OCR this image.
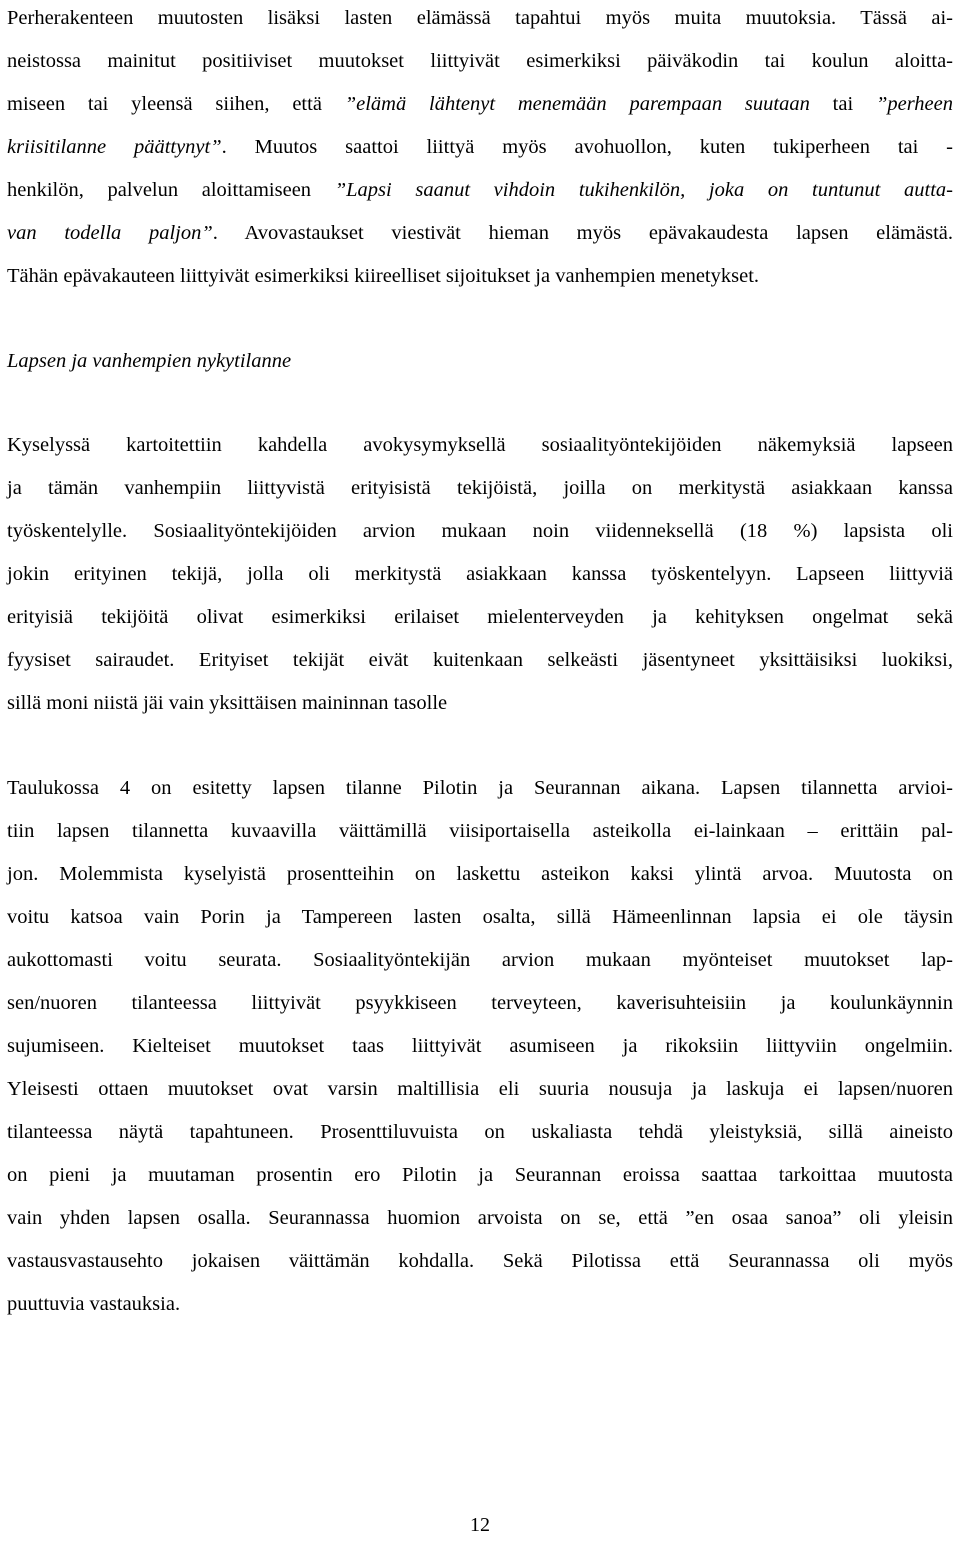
Perherakenteen muutosten lisäksi lasten elämässä tapahtui myös muita muutoksia. Tässä ai-
neistossa mainitut positiiviset muutokset liittyivät esimerkiksi päiväkodin tai koulun aloitta-
miseen tai yleensä siihen, että ”elämä lähtenyt menemään parempaan suutaan tai ”perheen
kriisitilanne päättynyt”. Muutos saattoi liittyä myös avohuollon, kuten tukiperheen tai -
henkilön, palvelun aloittamiseen ”Lapsi saanut vihdoin tukihenkilön, joka on tuntunut autta-
van todella paljon”. Avovastaukset viestivät hieman myös epävakaudesta lapsen elämästä.
Tähän epävakauteen liittyivät esimerkiksi kiireelliset sijoitukset ja vanhempien menetykset.

Lapsen ja vanhempien nykytilanne

Kyselyssä kartoitettiin kahdella avokysymyksellä sosiaalityöntekijöiden näkemyksiä lapseen
ja tämän vanhempiin liittyvistä erityisistä tekijöistä, joilla on merkitystä asiakkaan kanssa
työskentelylle. Sosiaalityöntekijöiden arvion mukaan noin viidenneksellä (18 %) lapsista oli
jokin erityinen tekijä, jolla oli merkitystä asiakkaan kanssa työskentelyyn. Lapseen liittyviä
erityisiä tekijöitä olivat esimerkiksi erilaiset mielenterveyden ja kehityksen ongelmat sekä
fyysiset sairaudet. Erityiset tekijät eivät kuitenkaan selkeästi jäsentyneet yksittäisiksi luokiksi,
sillä moni niistä jäi vain yksittäisen maininnan tasolle
Taulukossa 4 on esitetty lapsen tilanne Pilotin ja Seurannan aikana. Lapsen tilannetta arvioi-
tiin lapsen tilannetta kuvaavilla väittämillä viisiportaisella asteikolla ei-lainkaan – erittäin pal-
jon. Molemmista kyselyistä prosentteihin on laskettu asteikon kaksi ylintä arvoa. Muutosta on
voitu katsoa vain Porin ja Tampereen lasten osalta, sillä Hämeenlinnan lapsia ei ole täysin
aukottomasti voitu seurata. Sosiaalityöntekijän arvion mukaan myönteiset muutokset lap-
sen/nuoren tilanteessa liittyivät psyykkiseen terveyteen, kaverisuhteisiin ja koulunkäynnin
sujumiseen. Kielteiset muutokset taas liittyivät asumiseen ja rikoksiin liittyviin ongelmiin.
Yleisesti ottaen muutokset ovat varsin maltillisia eli suuria nousuja ja laskuja ei lapsen/nuoren
tilanteessa näytä tapahtuneen. Prosenttiluvuista on uskaliasta tehdä yleistyksiä, sillä aineisto
on pieni ja muutaman prosentin ero Pilotin ja Seurannan eroissa saattaa tarkoittaa muutosta
vain yhden lapsen osalla. Seurannassa huomion arvoista on se, että ”en osaa sanoa” oli yleisin
vastausvastausehto jokaisen väittämän kohdalla. Sekä Pilotissa että Seurannassa oli myös
puuttuvia vastauksia.
12
